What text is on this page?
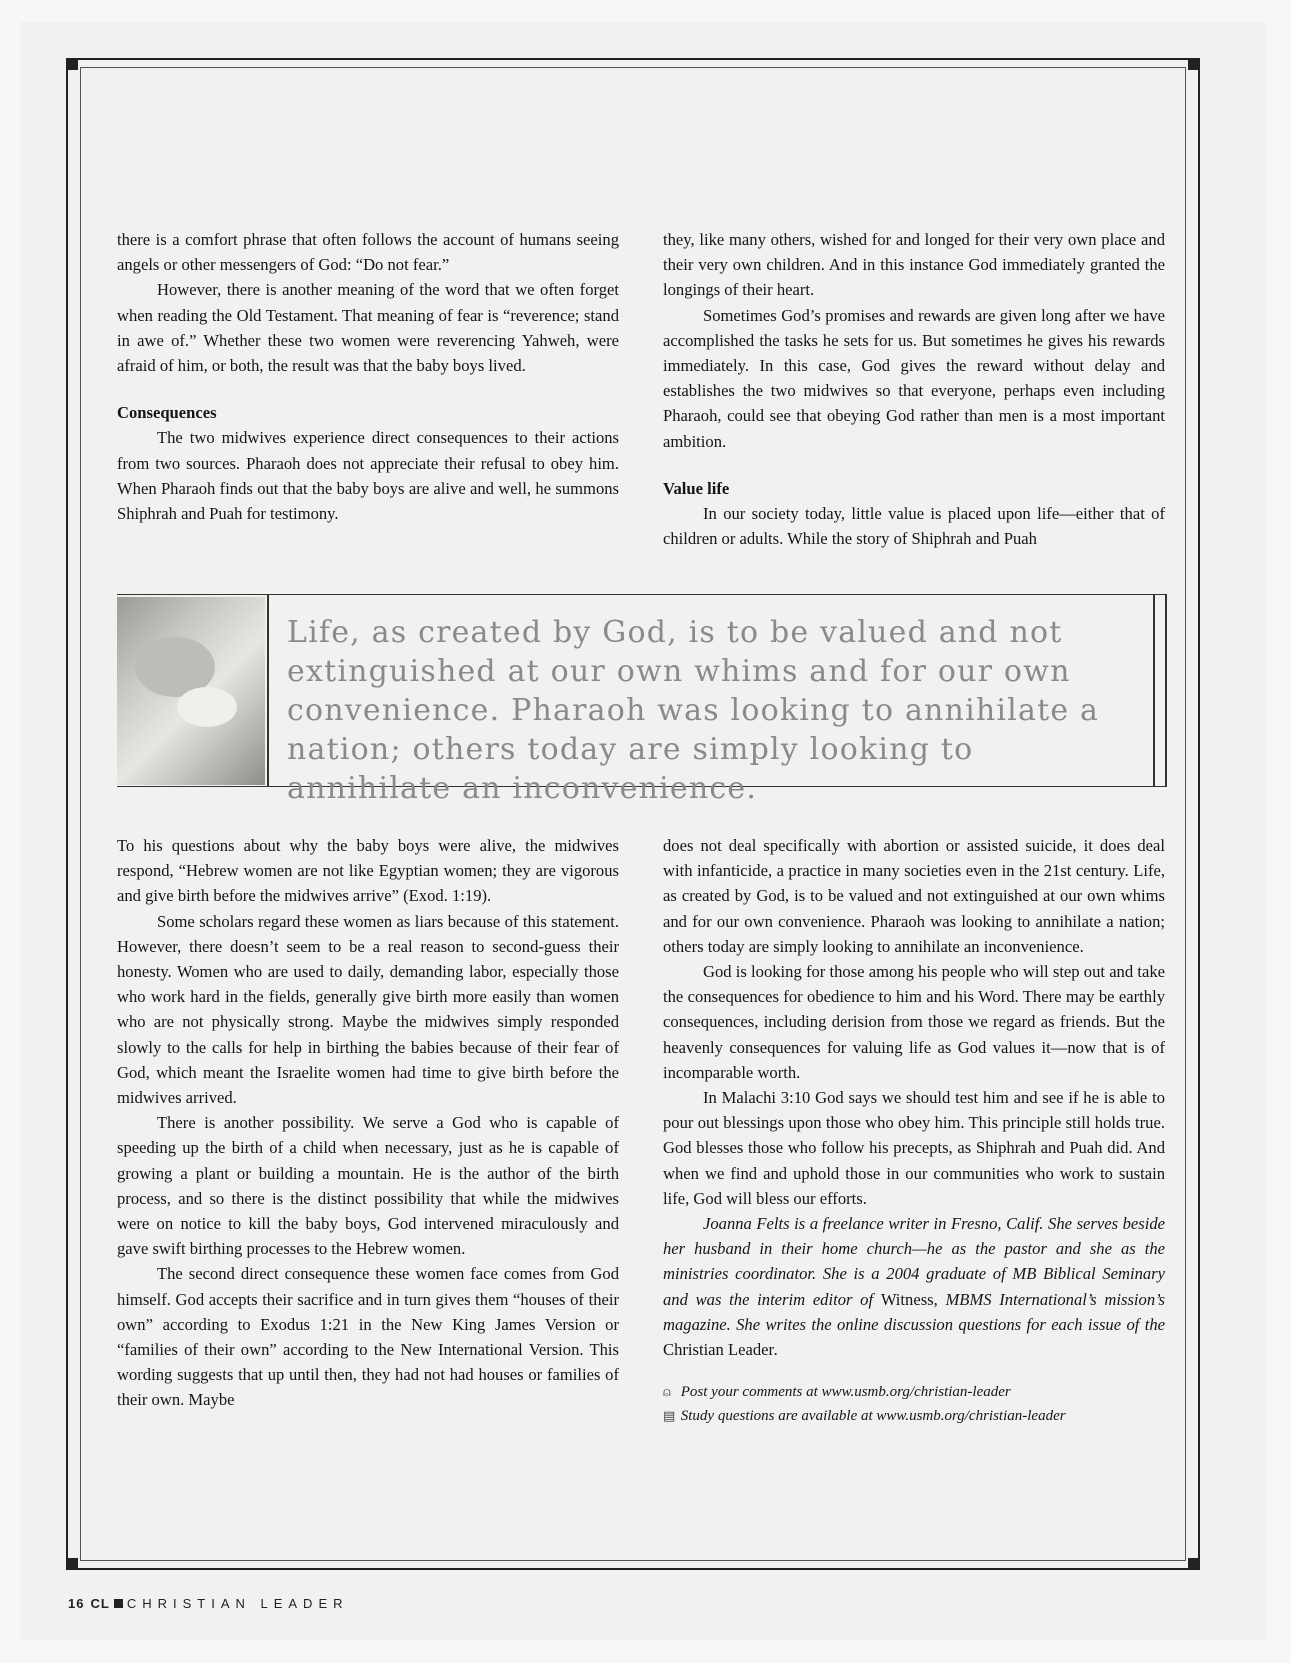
there is a comfort phrase that often follows the account of humans seeing angels or other messengers of God: “Do not fear.”

However, there is another meaning of the word that we often forget when reading the Old Testament. That meaning of fear is “reverence; stand in awe of.” Whether these two women were reverencing Yahweh, were afraid of him, or both, the result was that the baby boys lived.

Consequences

The two midwives experience direct consequences to their actions from two sources. Pharaoh does not appreciate their refusal to obey him. When Pharaoh finds out that the baby boys are alive and well, he summons Shiphrah and Puah for testimony.

they, like many others, wished for and longed for their very own place and their very own children. And in this instance God immediately granted the longings of their heart.

Sometimes God’s promises and rewards are given long after we have accomplished the tasks he sets for us. But sometimes he gives his rewards immediately. In this case, God gives the reward without delay and establishes the two midwives so that everyone, perhaps even including Pharaoh, could see that obeying God rather than men is a most important ambition.

Value life

In our society today, little value is placed upon life—either that of children or adults. While the story of Shiphrah and Puah

Life, as created by God, is to be valued and not extinguished at our own whims and for our own convenience. Pharaoh was looking to annihilate a nation; others today are simply looking to annihilate an inconvenience.

To his questions about why the baby boys were alive, the midwives respond, “Hebrew women are not like Egyptian women; they are vigorous and give birth before the midwives arrive” (Exod. 1:19).

Some scholars regard these women as liars because of this statement. However, there doesn’t seem to be a real reason to second-guess their honesty. Women who are used to daily, demanding labor, especially those who work hard in the fields, generally give birth more easily than women who are not physically strong. Maybe the midwives simply responded slowly to the calls for help in birthing the babies because of their fear of God, which meant the Israelite women had time to give birth before the midwives arrived.

There is another possibility. We serve a God who is capable of speeding up the birth of a child when necessary, just as he is capable of growing a plant or building a mountain. He is the author of the birth process, and so there is the distinct possibility that while the midwives were on notice to kill the baby boys, God intervened miraculously and gave swift birthing processes to the Hebrew women.

The second direct consequence these women face comes from God himself. God accepts their sacrifice and in turn gives them “houses of their own” according to Exodus 1:21 in the New King James Version or “families of their own” according to the New International Version. This wording suggests that up until then, they had not had houses or families of their own. Maybe

does not deal specifically with abortion or assisted suicide, it does deal with infanticide, a practice in many societies even in the 21st century. Life, as created by God, is to be valued and not extinguished at our own whims and for our own convenience. Pharaoh was looking to annihilate a nation; others today are simply looking to annihilate an inconvenience.

God is looking for those among his people who will step out and take the consequences for obedience to him and his Word. There may be earthly consequences, including derision from those we regard as friends. But the heavenly consequences for valuing life as God values it—now that is of incomparable worth.

In Malachi 3:10 God says we should test him and see if he is able to pour out blessings upon those who obey him. This principle still holds true. God blesses those who follow his precepts, as Shiphrah and Puah did. And when we find and uphold those in our communities who work to sustain life, God will bless our efforts.

Joanna Felts is a freelance writer in Fresno, Calif. She serves beside her husband in their home church—he as the pastor and she as the ministries coordinator. She is a 2004 graduate of MB Biblical Seminary and was the interim editor of Witness, MBMS International’s mission’s magazine. She writes the online discussion questions for each issue of the Christian Leader.

⍝ Post your comments at www.usmb.org/christian-leader
▤ Study questions are available at www.usmb.org/christian-leader
16 CL CHRISTIAN LEADER
